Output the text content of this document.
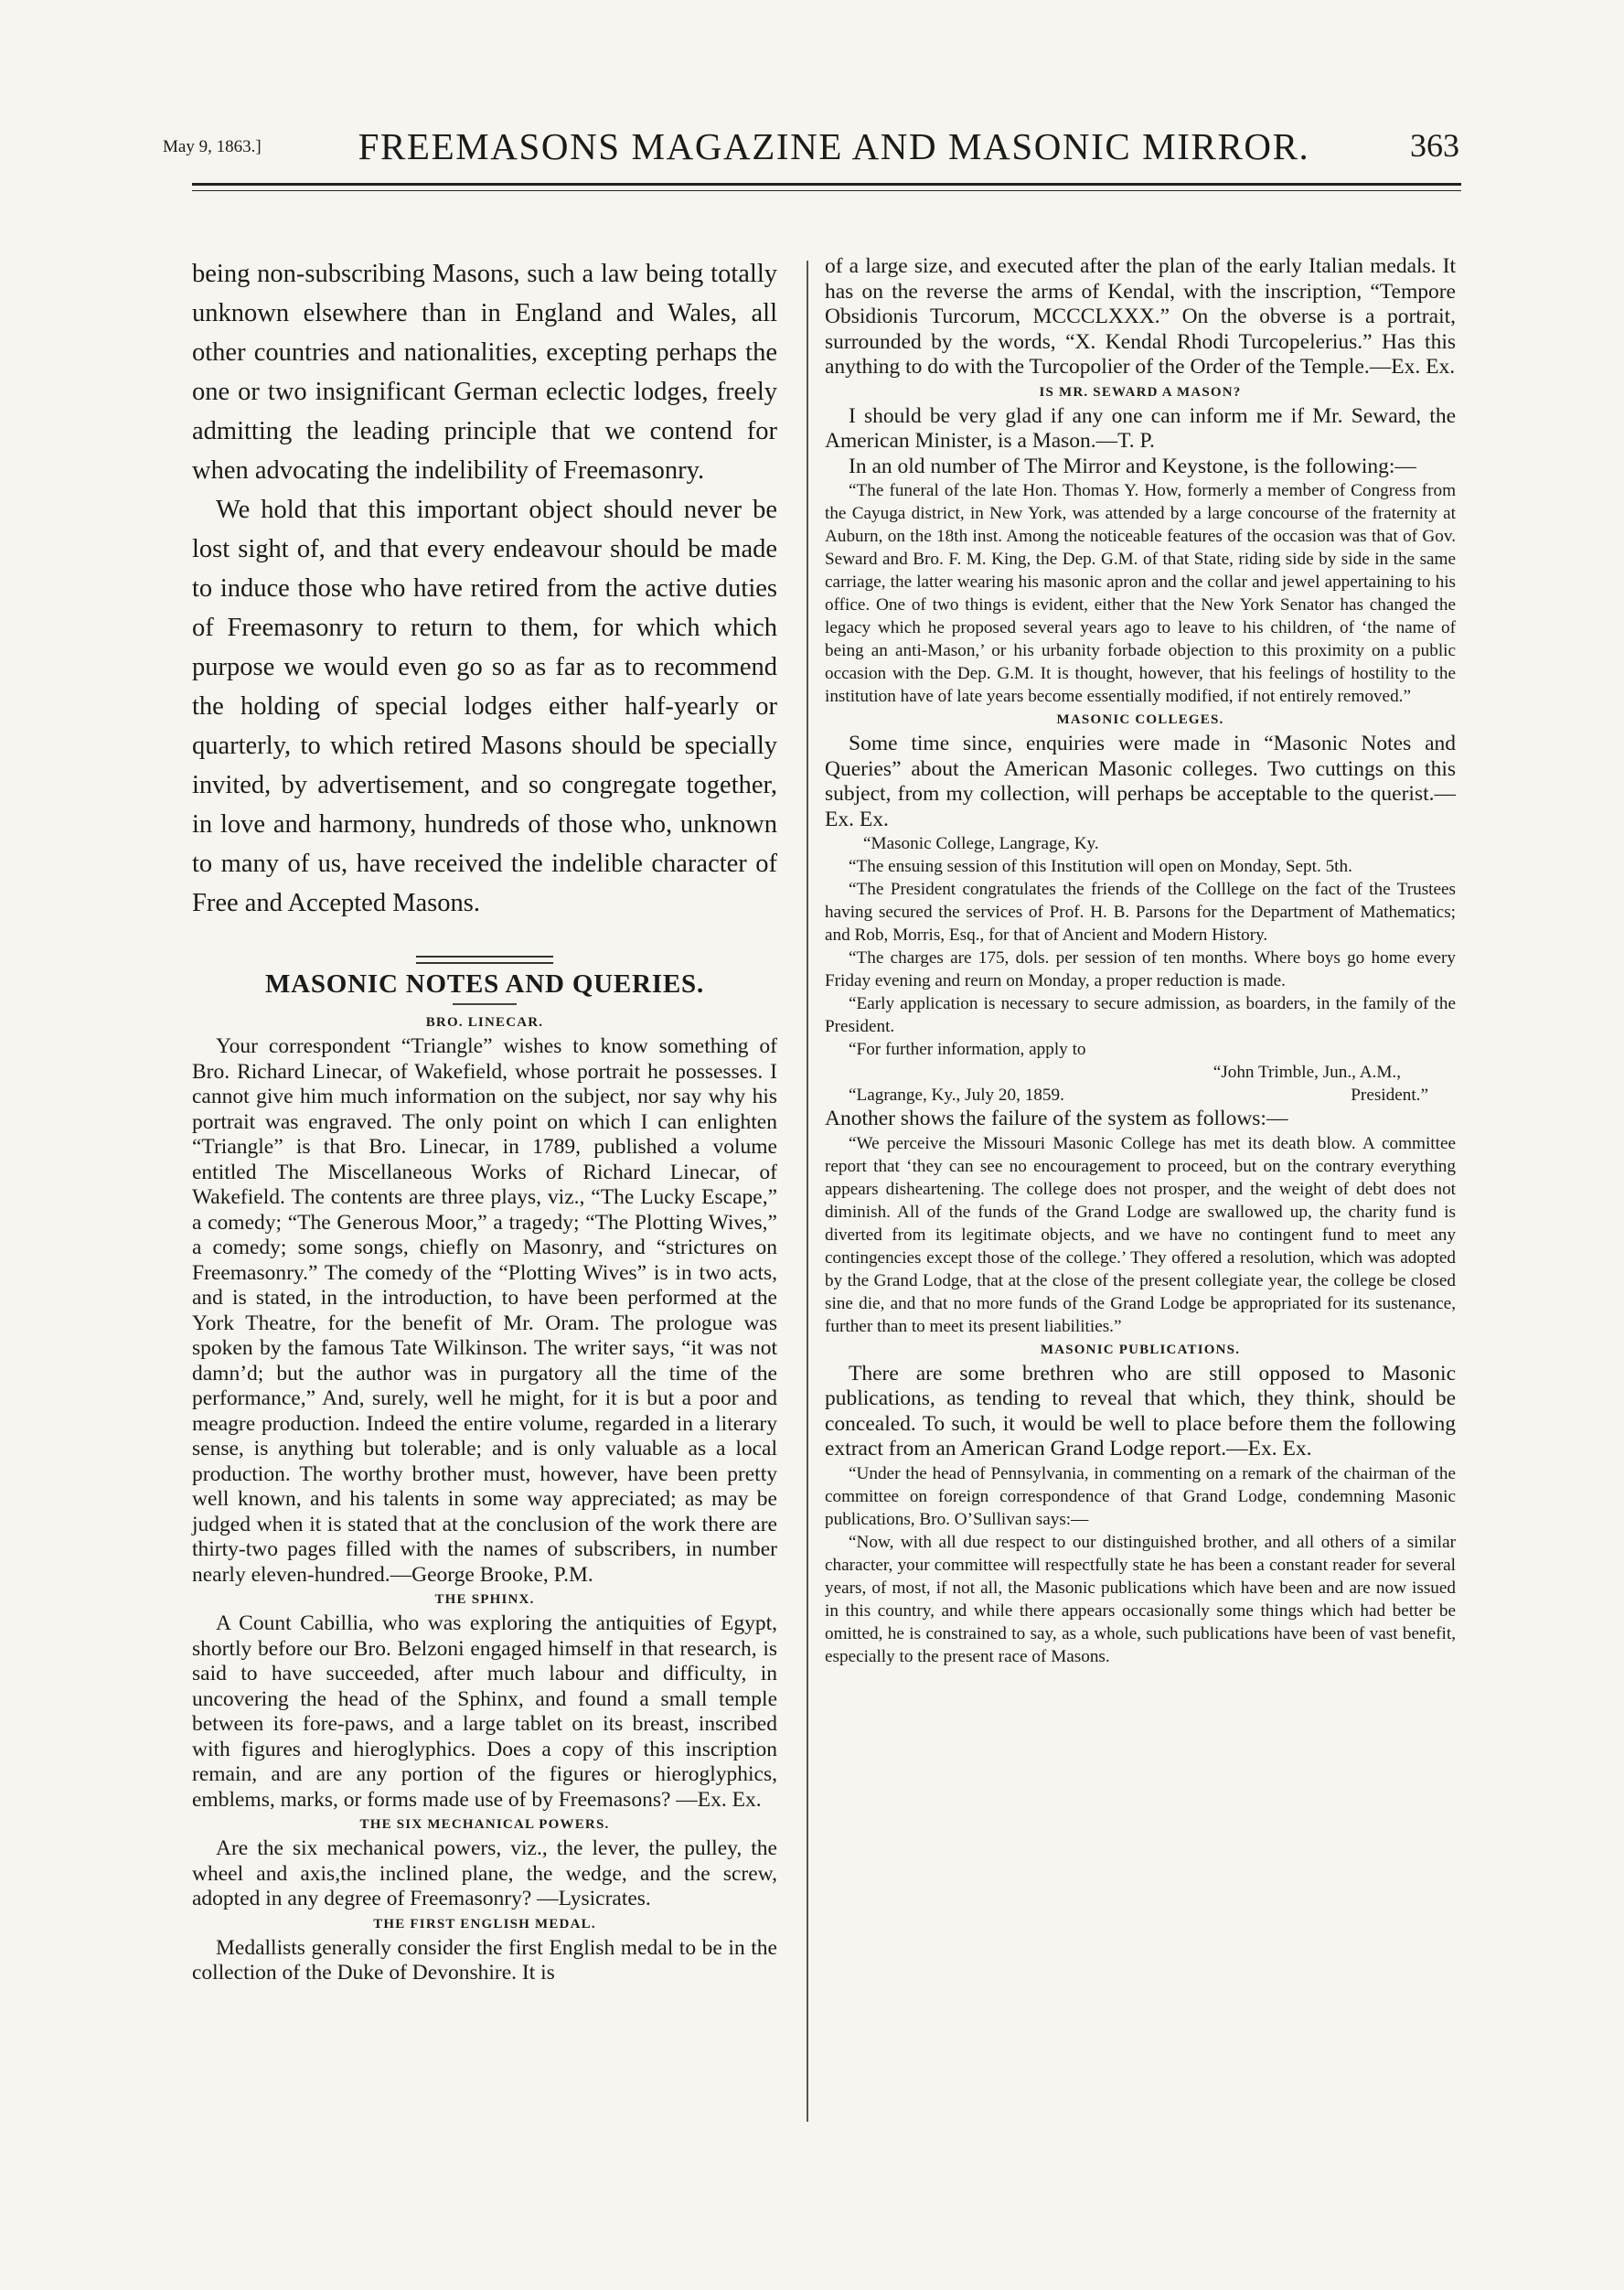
May 9, 1863.]	FREEMASONS MAGAZINE AND MASONIC MIRROR.	363

being non-subscribing Masons, such a law being totally unknown elsewhere than in England and Wales, all other countries and nationalities, excepting perhaps the one or two insignificant German eclectic lodges, freely admitting the leading principle that we contend for when advocating the indelibility of Freemasonry.

We hold that this important object should never be lost sight of, and that every endeavour should be made to induce those who have retired from the active duties of Freemasonry to return to them, for which which purpose we would even go so as far as to recommend the holding of special lodges either half-yearly or quarterly, to which retired Masons should be specially invited, by advertisement, and so congregate together, in love and harmony, hundreds of those who, unknown to many of us, have received the indelible character of Free and Accepted Masons.

MASONIC NOTES AND QUERIES.
BRO. LINECAR.

Your correspondent “Triangle” wishes to know something of Bro. Richard Linecar, of Wakefield, whose portrait he possesses. I cannot give him much information on the subject, nor say why his portrait was engraved. The only point on which I can enlighten “Triangle” is that Bro. Linecar, in 1789, published a volume entitled The Miscellaneous Works of Richard Linecar, of Wakefield. The contents are three plays, viz., “The Lucky Escape,” a comedy; “The Generous Moor,” a tragedy; “The Plotting Wives,” a comedy; some songs, chiefly on Masonry, and “strictures on Freemasonry.” The comedy of the “Plotting Wives” is in two acts, and is stated, in the introduction, to have been performed at the York Theatre, for the benefit of Mr. Oram. The prologue was spoken by the famous Tate Wilkinson. The writer says, “it was not damn’d; but the author was in purgatory all the time of the performance,” And, surely, well he might, for it is but a poor and meagre production. Indeed the entire volume, regarded in a literary sense, is anything but tolerable; and is only valuable as a local production. The worthy brother must, however, have been pretty well known, and his talents in some way appreciated; as may be judged when it is stated that at the conclusion of the work there are thirty-two pages filled with the names of subscribers, in number nearly eleven-hundred.—George Brooke, P.M.

THE SPHINX.

A Count Cabillia, who was exploring the antiquities of Egypt, shortly before our Bro. Belzoni engaged himself in that research, is said to have succeeded, after much labour and difficulty, in uncovering the head of the Sphinx, and found a small temple between its fore-paws, and a large tablet on its breast, inscribed with figures and hieroglyphics. Does a copy of this inscription remain, and are any portion of the figures or hieroglyphics, emblems, marks, or forms made use of by Freemasons? —Ex. Ex.

THE SIX MECHANICAL POWERS.

Are the six mechanical powers, viz., the lever, the pulley, the wheel and axis,the inclined plane, the wedge, and the screw, adopted in any degree of Freemasonry? —Lysicrates.

THE FIRST ENGLISH MEDAL.

Medallists generally consider the first English medal to be in the collection of the Duke of Devonshire. It is

of a large size, and executed after the plan of the early Italian medals. It has on the reverse the arms of Kendal, with the inscription, “Tempore Obsidionis Turcorum, MCCCLXXX.” On the obverse is a portrait, surrounded by the words, “X. Kendal Rhodi Turcopelerius.” Has this anything to do with the Turcopolier of the Order of the Temple.—Ex. Ex.

IS MR. SEWARD A MASON?

I should be very glad if any one can inform me if Mr. Seward, the American Minister, is a Mason.—T. P.

In an old number of The Mirror and Keystone, is the following:—

“The funeral of the late Hon. Thomas Y. How, formerly a member of Congress from the Cayuga district, in New York, was attended by a large concourse of the fraternity at Auburn, on the 18th inst. Among the noticeable features of the occasion was that of Gov. Seward and Bro. F. M. King, the Dep. G.M. of that State, riding side by side in the same carriage, the latter wearing his masonic apron and the collar and jewel appertaining to his office. One of two things is evident, either that the New York Senator has changed the legacy which he proposed several years ago to leave to his children, of ‘the name of being an anti-Mason,’ or his urbanity forbade objection to this proximity on a public occasion with the Dep. G.M. It is thought, however, that his feelings of hostility to the institution have of late years become essentially modified, if not entirely removed.”

MASONIC COLLEGES.

Some time since, enquiries were made in “Masonic Notes and Queries” about the American Masonic colleges. Two cuttings on this subject, from my collection, will perhaps be acceptable to the querist.—Ex. Ex.

“Masonic College, Langrage, Ky.

“The ensuing session of this Institution will open on Monday, Sept. 5th.

“The President congratulates the friends of the Colllege on the fact of the Trustees having secured the services of Prof. H. B. Parsons for the Department of Mathematics; and Rob, Morris, Esq., for that of Ancient and Modern History.

“The charges are 175, dols. per session of ten months. Where boys go home every Friday evening and reurn on Monday, a proper reduction is made.

“Early application is necessary to secure admission, as boarders, in the family of the President.

“For further information, apply to

“John Trimble, Jun., A.M.,
“Lagrange, Ky., July 20, 1859.	President.”

Another shows the failure of the system as follows:—

“We perceive the Missouri Masonic College has met its death blow. A committee report that ‘they can see no encouragement to proceed, but on the contrary everything appears disheartening. The college does not prosper, and the weight of debt does not diminish. All of the funds of the Grand Lodge are swallowed up, the charity fund is diverted from its legitimate objects, and we have no contingent fund to meet any contingencies except those of the college.’ They offered a resolution, which was adopted by the Grand Lodge, that at the close of the present collegiate year, the college be closed sine die, and that no more funds of the Grand Lodge be appropriated for its sustenance, further than to meet its present liabilities.”

MASONIC PUBLICATIONS.

There are some brethren who are still opposed to Masonic publications, as tending to reveal that which, they think, should be concealed. To such, it would be well to place before them the following extract from an American Grand Lodge report.—Ex. Ex.

“Under the head of Pennsylvania, in commenting on a remark of the chairman of the committee on foreign correspondence of that Grand Lodge, condemning Masonic publications, Bro. O’Sullivan says:—

“Now, with all due respect to our distinguished brother, and all others of a similar character, your committee will respectfully state he has been a constant reader for several years, of most, if not all, the Masonic publications which have been and are now issued in this country, and while there appears occasionally some things which had better be omitted, he is constrained to say, as a whole, such publications have been of vast benefit, especially to the present race of Masons.
